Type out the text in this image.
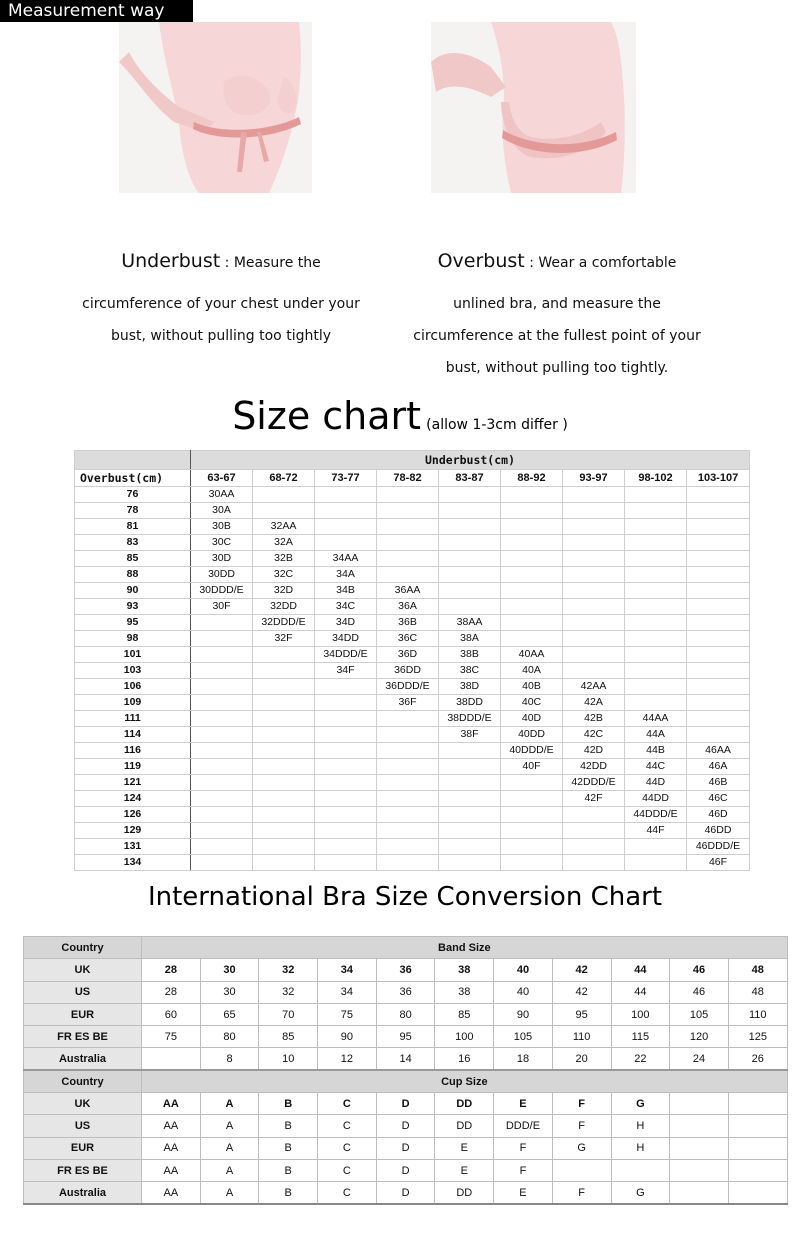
Measurement way
Underbust : Measure the
circumference of your chest under your
bust, without pulling too tightly
Overbust : Wear a comfortable
unlined bra, and measure the
circumference at the fullest point of your
bust, without pulling too tightly.
Size chart (allow 1-3cm differ )
	Underbust(cm)								
Overbust(cm)	63-67	68-72	73-77	78-82	83-87	88-92	93-97	98-102	103-107
76	30AA								
78	30A								
81	30B	32AA							
83	30C	32A							
85	30D	32B	34AA						
88	30DD	32C	34A						
90	30DDD/E	32D	34B	36AA					
93	30F	32DD	34C	36A					
95		32DDD/E	34D	36B	38AA				
98		32F	34DD	36C	38A				
101			34DDD/E	36D	38B	40AA			
103			34F	36DD	38C	40A			
106				36DDD/E	38D	40B	42AA		
109				36F	38DD	40C	42A		
111					38DDD/E	40D	42B	44AA	
114					38F	40DD	42C	44A	
116						40DDD/E	42D	44B	46AA
119						40F	42DD	44C	46A
121							42DDD/E	44D	46B
124							42F	44DD	46C
126								44DDD/E	46D
129								44F	46DD
131									46DDD/E
134									46F
International Bra Size Conversion Chart
Country	Band Size										
UK	28	30	32	34	36	38	40	42	44	46	48
US	28	30	32	34	36	38	40	42	44	46	48
EUR	60	65	70	75	80	85	90	95	100	105	110
FR ES BE	75	80	85	90	95	100	105	110	115	120	125
Australia		8	10	12	14	16	18	20	22	24	26
Country	Cup Size										
UK	AA	A	B	C	D	DD	E	F	G		
US	AA	A	B	C	D	DD	DDD/E	F	H		
EUR	AA	A	B	C	D	E	F	G	H		
FR ES BE	AA	A	B	C	D	E	F				
Australia	AA	A	B	C	D	DD	E	F	G		
